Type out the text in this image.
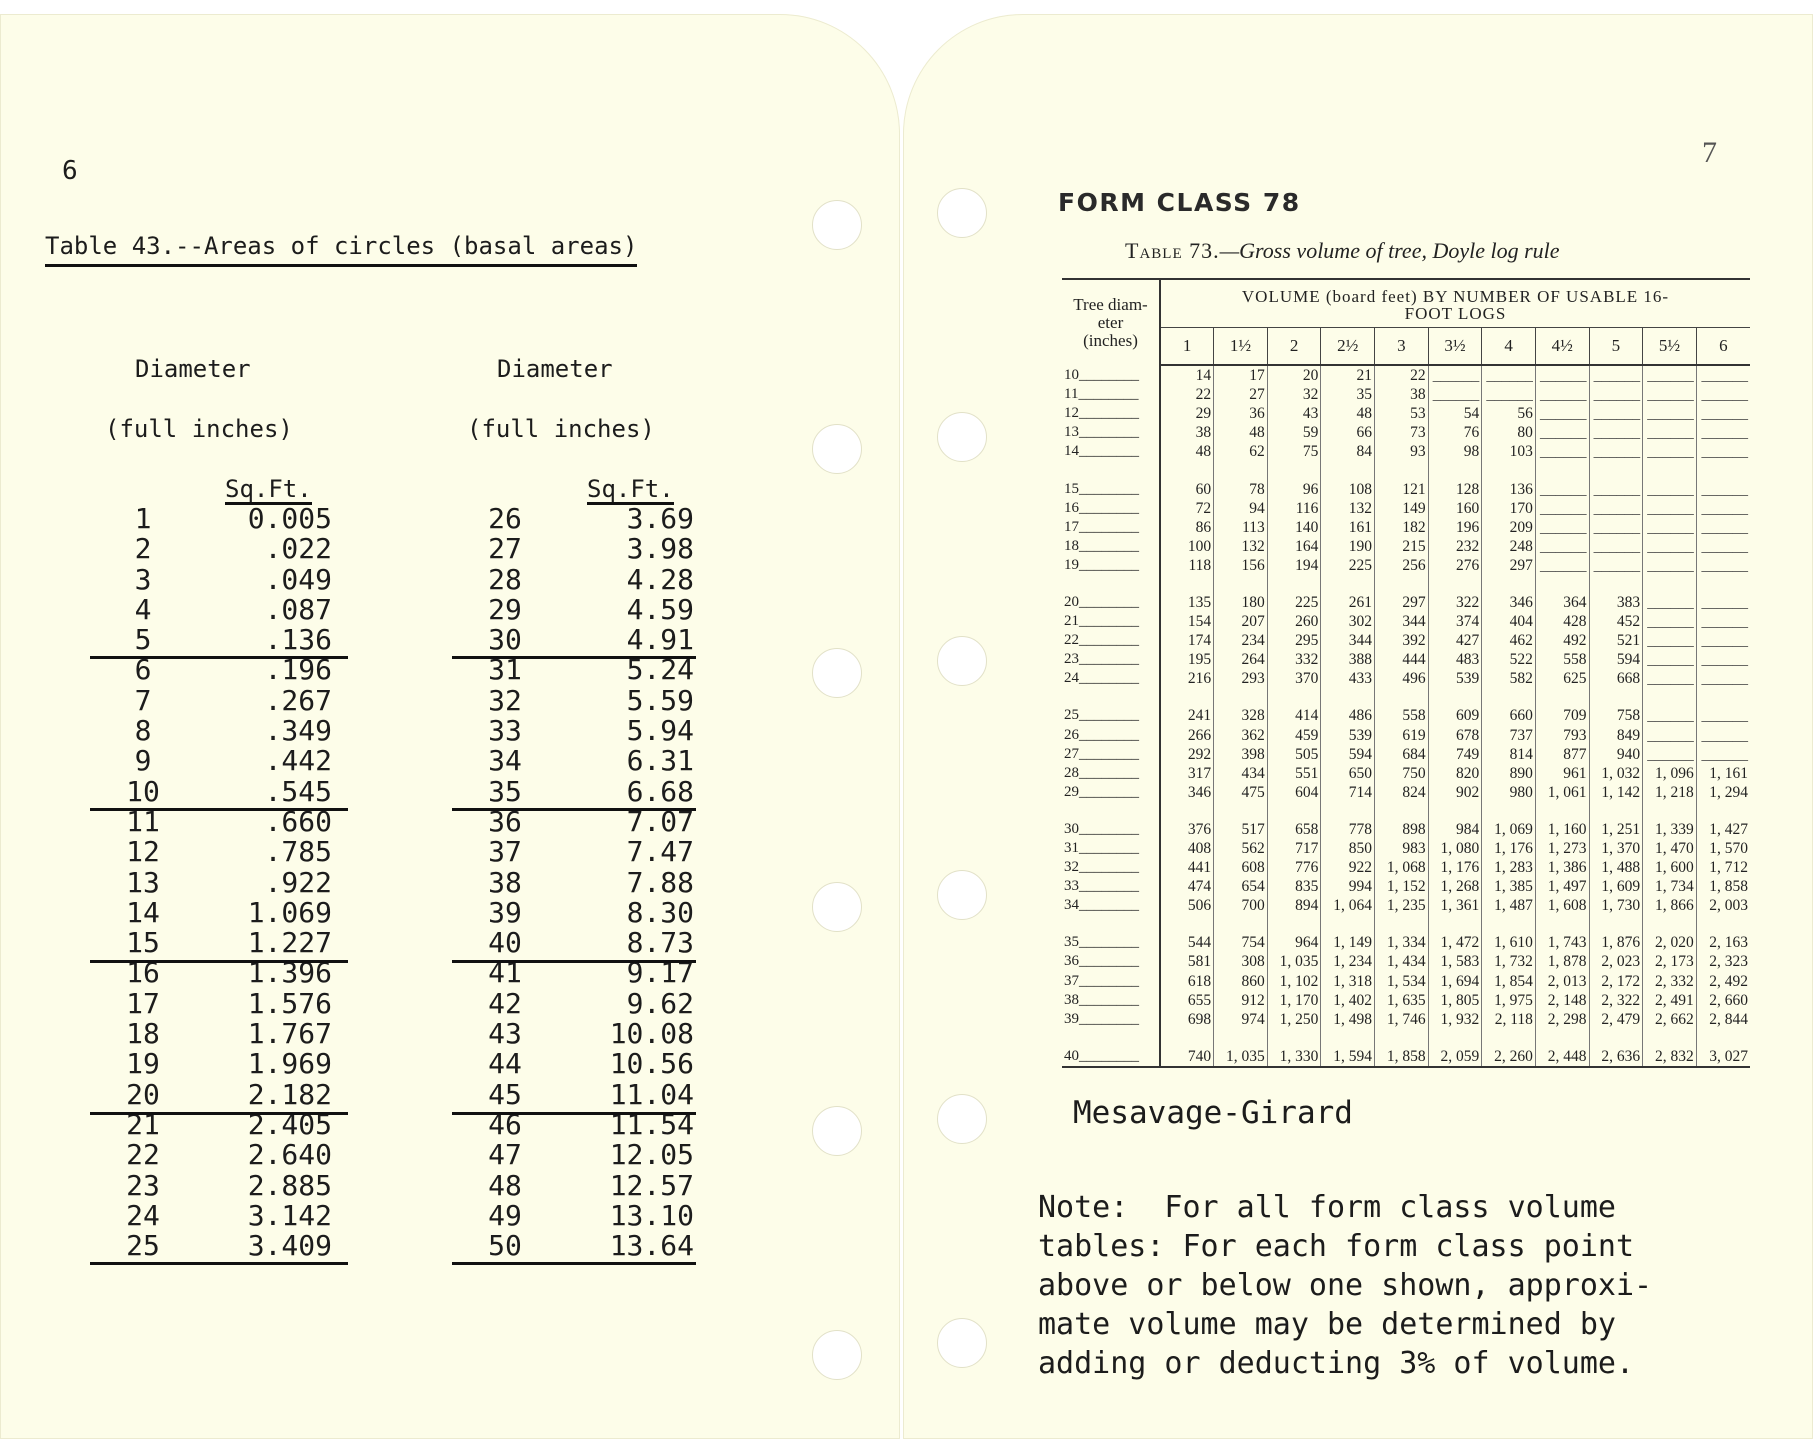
6
Table 43.--Areas of circles (basal areas)
Diameter
(full inches)
Sq.Ft.
Diameter
(full inches)
Sq.Ft.
1	0.005
2	.022
3	.049
4	.087
5	.136
6	.196
7	.267
8	.349
9	.442
10	.545
11	.660
12	.785
13	.922
14	1.069
15	1.227
16	1.396
17	1.576
18	1.767
19	1.969
20	2.182
21	2.405
22	2.640
23	2.885
24	3.142
25	3.409
26	3.69
27	3.98
28	4.28
29	4.59
30	4.91
31	5.24
32	5.59
33	5.94
34	6.31
35	6.68
36	7.07
37	7.47
38	7.88
39	8.30
40	8.73
41	9.17
42	9.62
43	10.08
44	10.56
45	11.04
46	11.54
47	12.05
48	12.57
49	13.10
50	13.64
7
FORM CLASS 78
Table 73.—Gross volume of tree, Doyle log rule
Tree diam- eter (inches)	VOLUME (board feet) BY NUMBER OF USABLE 16-FOOT LOGS										

	1	1½	2	2½	3	3½	4	4½	5	5½	6
10________	14	17	20	21	22	______	______	______	______	______	______
11________	22	27	32	35	38	______	______	______	______	______	______
12________	29	36	43	48	53	54	56	______	______	______	______
13________	38	48	59	66	73	76	80	______	______	______	______
14________	48	62	75	84	93	98	103	______	______	______	______

15________	60	78	96	108	121	128	136	______	______	______	______
16________	72	94	116	132	149	160	170	______	______	______	______
17________	86	113	140	161	182	196	209	______	______	______	______
18________	100	132	164	190	215	232	248	______	______	______	______
19________	118	156	194	225	256	276	297	______	______	______	______

20________	135	180	225	261	297	322	346	364	383	______	______
21________	154	207	260	302	344	374	404	428	452	______	______
22________	174	234	295	344	392	427	462	492	521	______	______
23________	195	264	332	388	444	483	522	558	594	______	______
24________	216	293	370	433	496	539	582	625	668	______	______

25________	241	328	414	486	558	609	660	709	758	______	______
26________	266	362	459	539	619	678	737	793	849	______	______
27________	292	398	505	594	684	749	814	877	940	______	______
28________	317	434	551	650	750	820	890	961	1, 032	1, 096	1, 161
29________	346	475	604	714	824	902	980	1, 061	1, 142	1, 218	1, 294

30________	376	517	658	778	898	984	1, 069	1, 160	1, 251	1, 339	1, 427
31________	408	562	717	850	983	1, 080	1, 176	1, 273	1, 370	1, 470	1, 570
32________	441	608	776	922	1, 068	1, 176	1, 283	1, 386	1, 488	1, 600	1, 712
33________	474	654	835	994	1, 152	1, 268	1, 385	1, 497	1, 609	1, 734	1, 858
34________	506	700	894	1, 064	1, 235	1, 361	1, 487	1, 608	1, 730	1, 866	2, 003

35________	544	754	964	1, 149	1, 334	1, 472	1, 610	1, 743	1, 876	2, 020	2, 163
36________	581	308	1, 035	1, 234	1, 434	1, 583	1, 732	1, 878	2, 023	2, 173	2, 323
37________	618	860	1, 102	1, 318	1, 534	1, 694	1, 854	2, 013	2, 172	2, 332	2, 492
38________	655	912	1, 170	1, 402	1, 635	1, 805	1, 975	2, 148	2, 322	2, 491	2, 660
39________	698	974	1, 250	1, 498	1, 746	1, 932	2, 118	2, 298	2, 479	2, 662	2, 844

40________	740	1, 035	1, 330	1, 594	1, 858	2, 059	2, 260	2, 448	2, 636	2, 832	3, 027
Mesavage-Girard
Note:  For all form class volume
tables: For each form class point
above or below one shown, approxi-
mate volume may be determined by
adding or deducting 3% of volume.
